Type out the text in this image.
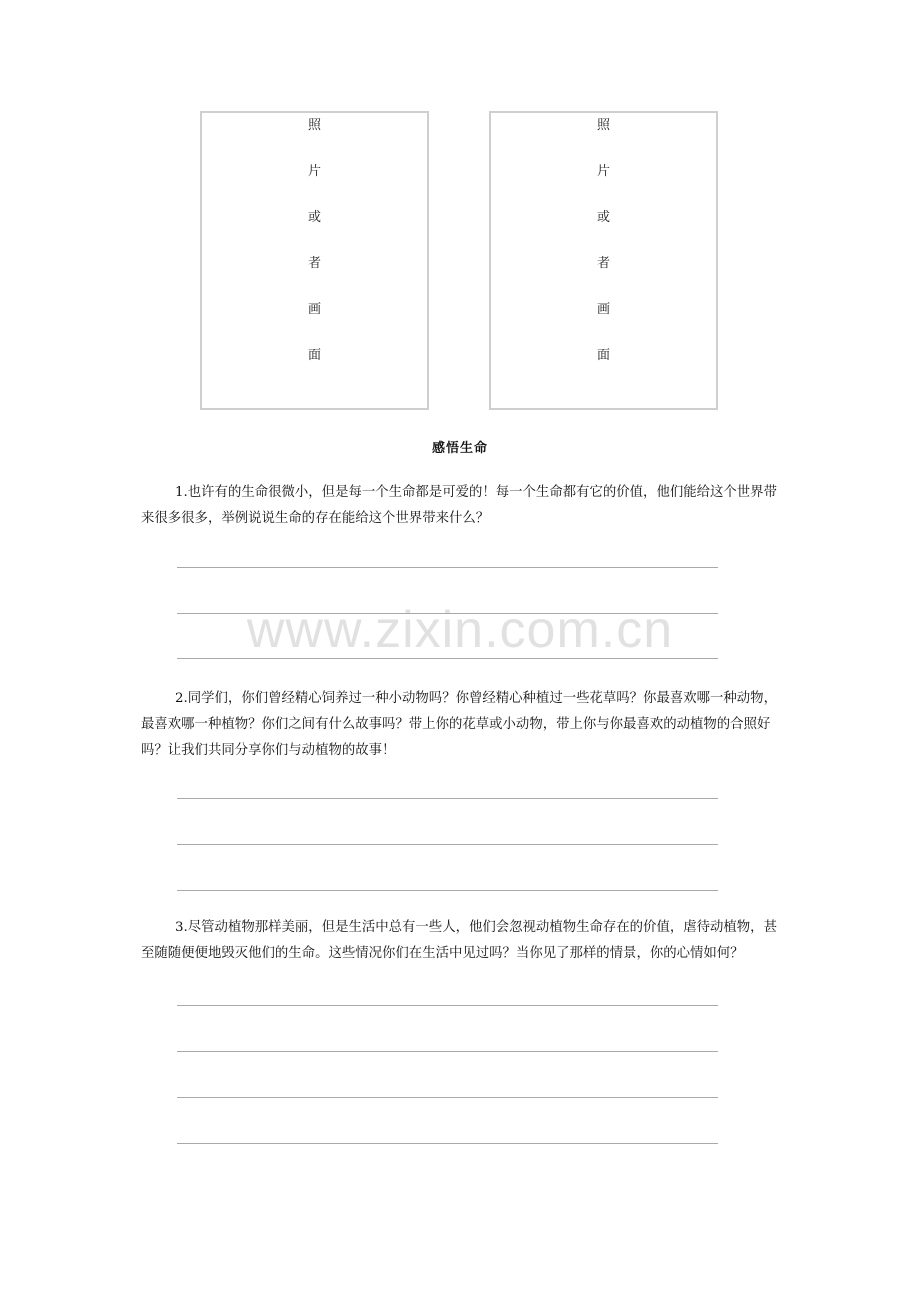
照
片
或
者
画
面
照
片
或
者
画
面
感悟生命

1.也许有的生命很微小，但是每一个生命都是可爱的！每一个生命都有它的价值，他们能给这个世界带来很多很多，举例说说生命的存在能给这个世界带来什么？

2.同学们，你们曾经精心饲养过一种小动物吗？你曾经精心种植过一些花草吗？你最喜欢哪一种动物，最喜欢哪一种植物？你们之间有什么故事吗？带上你的花草或小动物，带上你与你最喜欢的动植物的合照好吗？让我们共同分享你们与动植物的故事！

3.尽管动植物那样美丽，但是生活中总有一些人，他们会忽视动植物生命存在的价值，虐待动植物，甚至随随便便地毁灭他们的生命。这些情况你们在生活中见过吗？当你见了那样的情景，你的心情如何？

www.zixin.com.cn
